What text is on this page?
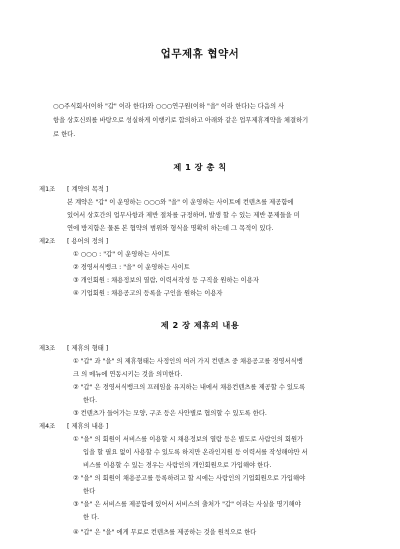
업무제휴 협약서
○○주식회사(이하 "갑" 이라 한다)와 ○○○연구원(이하 "을" 이라 한다)는 다음의 사
항을 상호신뢰를 바탕으로 성실하게 이행키로 합의하고 아래와 같은 업무제휴계약을 체결하기
로 한다.
제 1 장 총 칙
제1조 [ 계약의 목적 ]
본 계약은 "갑" 이 운영하는 ○○○와 "을" 이 운영하는 사이트에 컨텐츠를 제공함에
있어서 상호간의 업무사항과 제반 절차를 규정하며, 발생 할 수 있는 제반 문제들을 미
연에 방지함은 물론 본 협약의 범위와 형식을 명확히 하는데 그 목적이 있다.
제2조 [ 용어의 정의 ]
① ○○○ : "갑" 이 운영하는 사이트
② 경영서식뱅크 : "을" 이 운영하는 사이트
③ 개인회원 : 채용정보의 열람, 이력서작성 등 구직을 원하는 이용자
④ 기업회원 : 채용공고의 등록을 구인을 원하는 이용자
제 2 장 제휴의 내용
제3조 [ 제휴의 형태 ]
① "갑" 과 "을" 의 제휴형태는 사정인의 여러 가지 컨텐츠 중 채용공고를 경영서식뱅
크 의 메뉴에 연동시키는 것을 의미한다.
② "갑" 은 경영서식뱅크의 프레임을 유지하는 내에서 채용컨텐츠를 제공할 수 있도록
한다.
③ 컨텐츠가 들어가는 모양, 구조 등은 사안별로 협의할 수 있도록 한다.
제4조 [ 제휴의 내용 ]
① "을" 의 회원이 서비스를 이용할 시 채용정보의 열람 등은 별도로 사람인의 회원가
입을 할 필요 없이 사용할 수 있도록 하지만 온라인지원 등 이력서를 작성해야만 서
비스를 이용할 수 있는 경우는 사람인의 개인회원으로 가입해야 한다.
② "을" 의 회원이 채용공고를 등록하려고 할 시에는 사람인의 기업회원으로 가입해야
한다
③ "을" 은 서비스를 제공함에 있어서 서비스의 출처가 "갑" 이라는 사실을 명기해야
한 다.
④ "갑" 은 "을" 에게 무료로 컨텐츠를 제공하는 것을 원칙으로 한다
